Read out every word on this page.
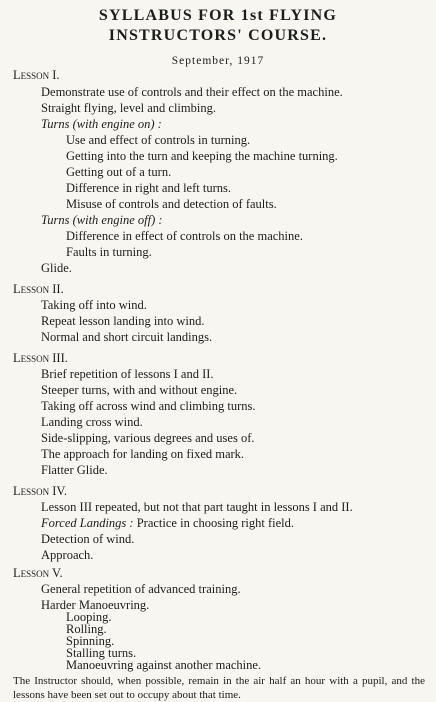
SYLLABUS FOR 1st FLYING
INSTRUCTORS' COURSE.
September, 1917
Lesson I.
Demonstrate use of controls and their effect on the machine.
Straight flying, level and climbing.
Turns (with engine on) :
Use and effect of controls in turning.
Getting into the turn and keeping the machine turning.
Getting out of a turn.
Difference in right and left turns.
Misuse of controls and detection of faults.
Turns (with engine off) :
Difference in effect of controls on the machine.
Faults in turning.
Glide.
Lesson II.
Taking off into wind.
Repeat lesson landing into wind.
Normal and short circuit landings.
Lesson III.
Brief repetition of lessons I and II.
Steeper turns, with and without engine.
Taking off across wind and climbing turns.
Landing cross wind.
Side-slipping, various degrees and uses of.
The approach for landing on fixed mark.
Flatter Glide.
Lesson IV.
Lesson III repeated, but not that part taught in lessons I and II.
Forced Landings : Practice in choosing right field.
Detection of wind.
Approach.
Lesson V.
General repetition of advanced training.
Harder Manoeuvring.
Looping.
Rolling.
Spinning.
Stalling turns.
Manoeuvring against another machine.
The Instructor should, when possible, remain in the air half an hour with a pupil, and the lessons have been set out to occupy about that time.
